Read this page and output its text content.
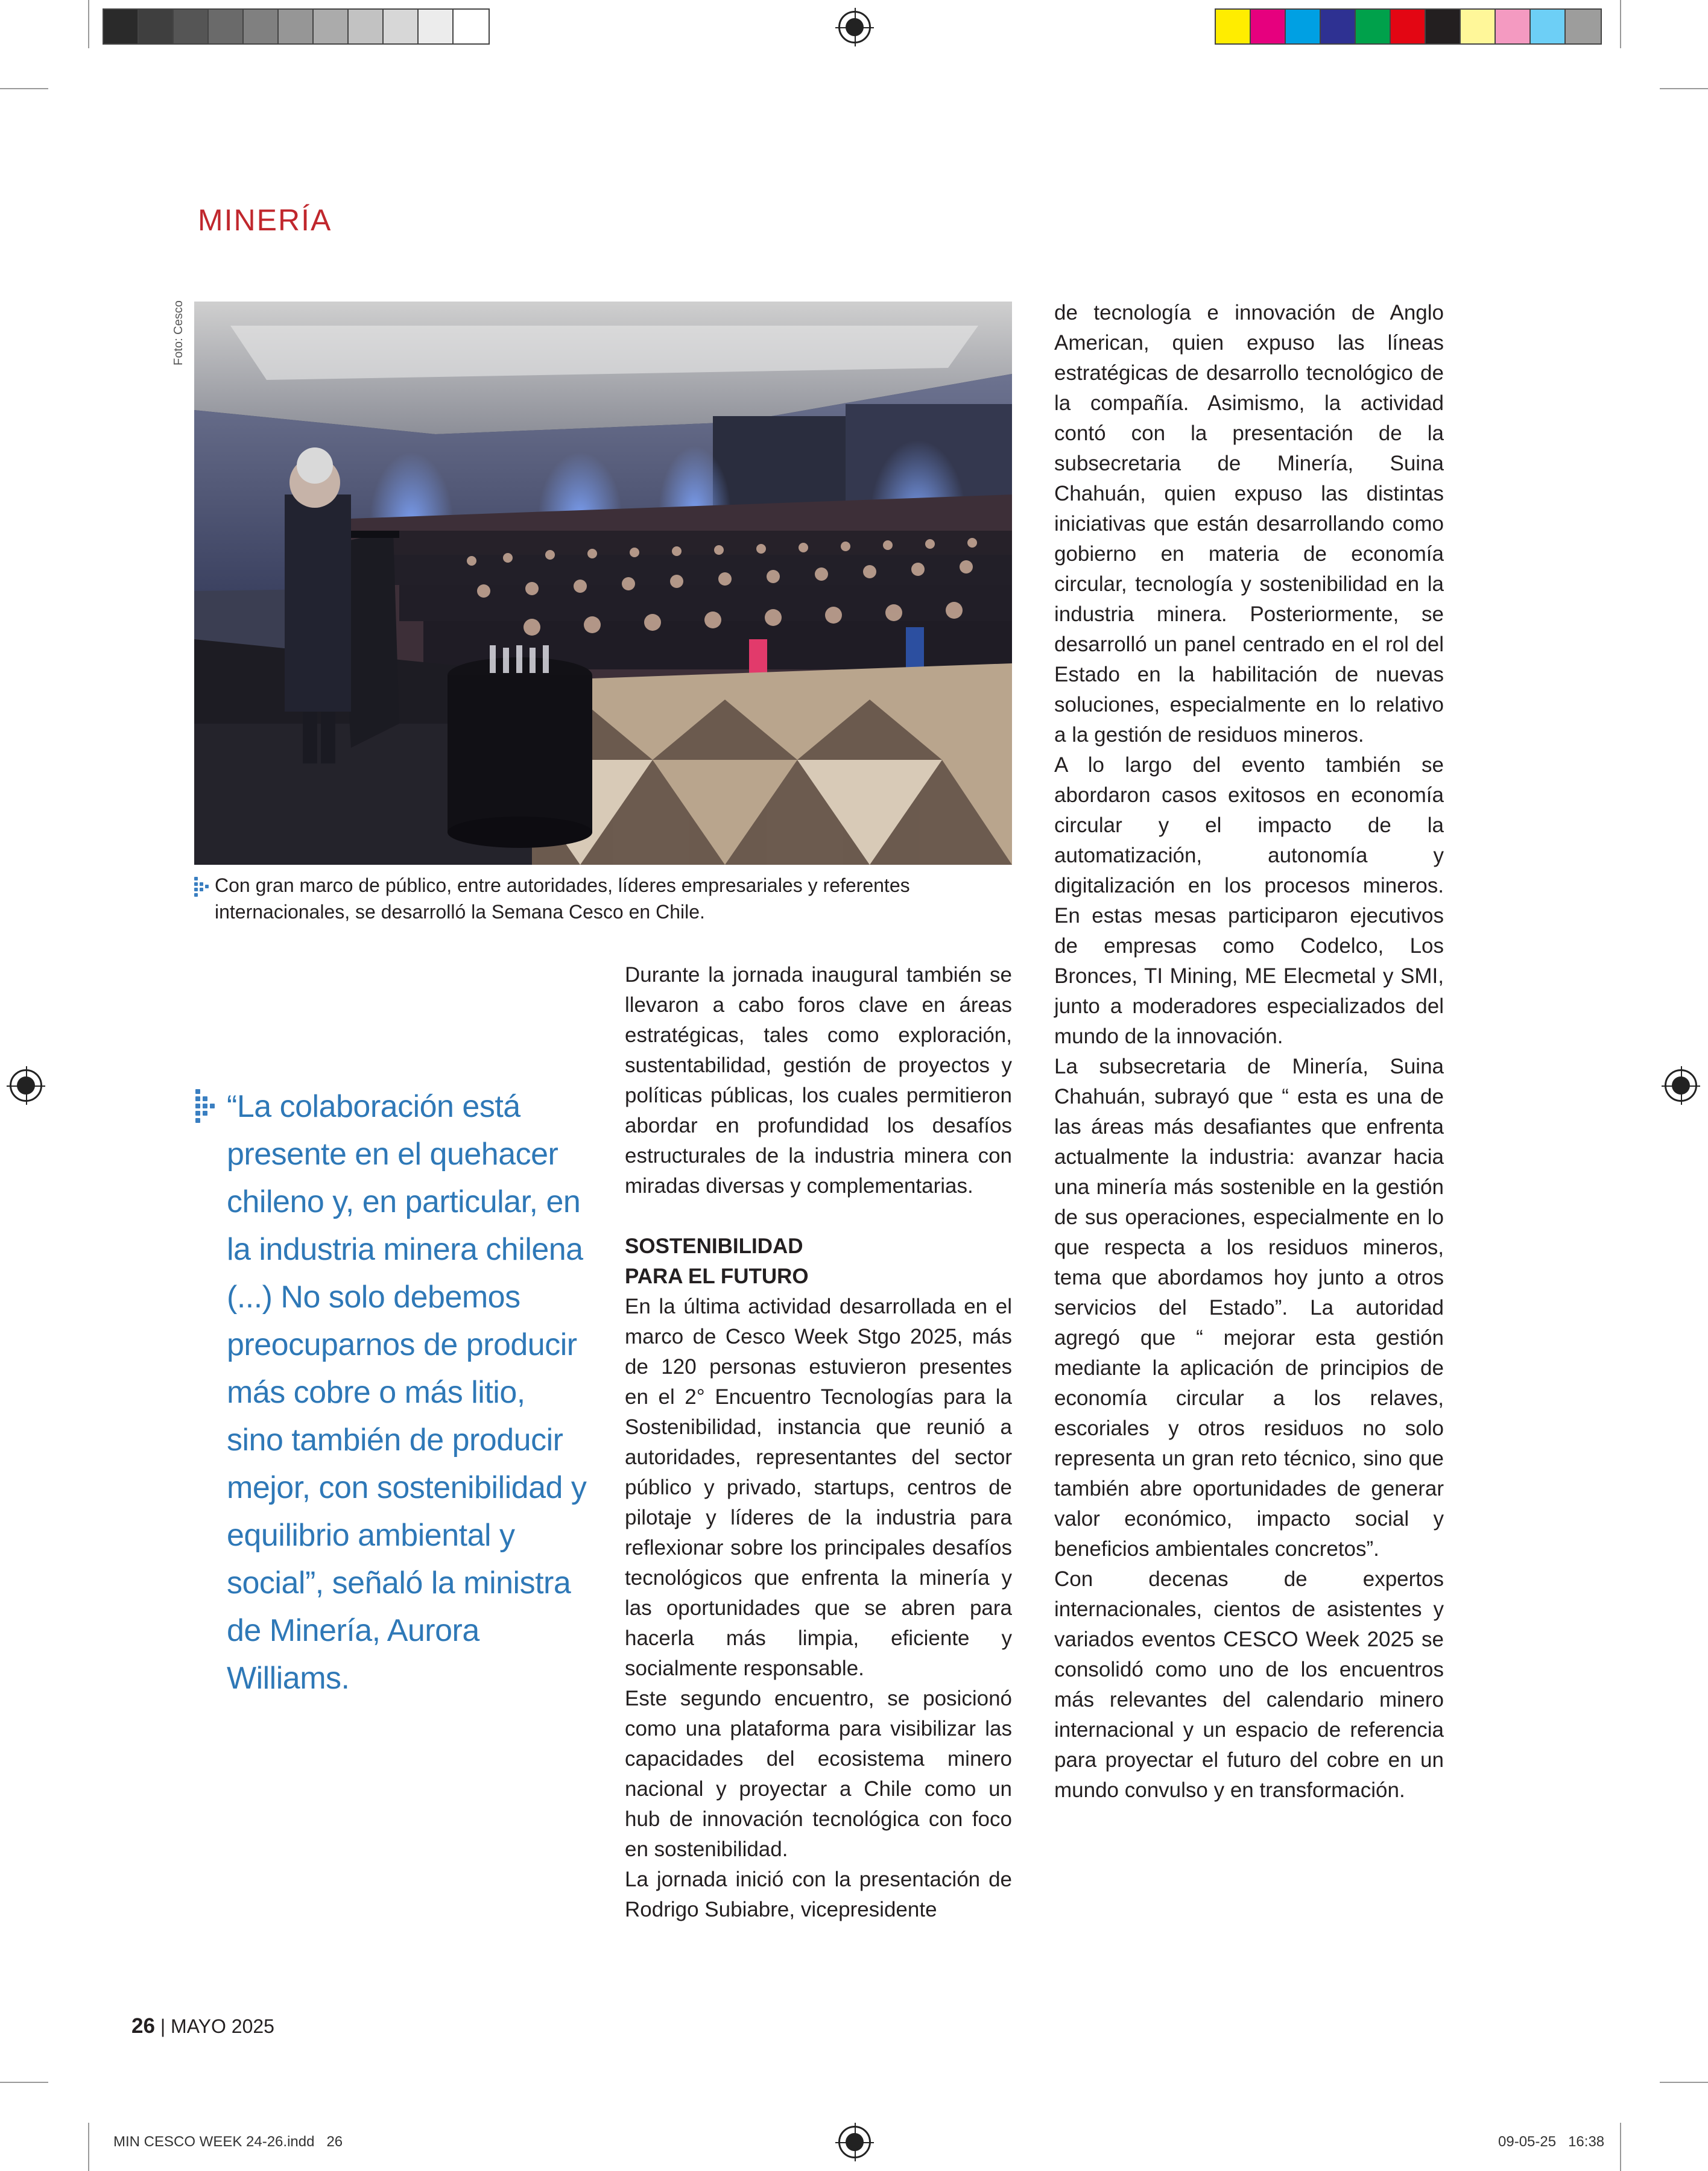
MINERÍA
Foto: Cesco
Con gran marco de público, entre autoridades, líderes empresariales y referentes internacionales, se desarrolló la Semana Cesco en Chile.
“La colaboración está presente en el quehacer chileno y, en particular, en la industria minera chilena (...) No solo debemos preocuparnos de producir más cobre o más litio, sino también de producir mejor, con sostenibilidad y equilibrio ambiental y social”, señaló la ministra de Minería, Aurora Williams.

Durante la jornada inaugural también se llevaron a cabo foros clave en áreas estratégicas, tales como exploración, sustentabilidad, gestión de proyectos y políticas públicas, los cuales permitieron abordar en profundidad los desafíos estructurales de la industria minera con miradas diversas y complementarias.

SOSTENIBILIDAD
PARA EL FUTURO

En la última actividad desarrollada en el marco de Cesco Week Stgo 2025, más de 120 personas estuvieron presentes en el 2° Encuentro Tecnologías para la Sostenibilidad, instancia que reunió a autoridades, representantes del sector público y privado, startups, centros de pilotaje y líderes de la industria para reflexionar sobre los principales desafíos tecnológicos que enfrenta la minería y las oportunidades que se abren para hacerla más limpia, eficiente y socialmente responsable.

Este segundo encuentro, se posicionó como una plataforma para visibilizar las capacidades del ecosistema minero nacional y proyectar a Chile como un hub de innovación tecnológica con foco en sostenibilidad.

La jornada inició con la presentación de Rodrigo Subiabre, vicepresidente

de tecnología e innovación de Anglo American, quien expuso las líneas estratégicas de desarrollo tecnológico de la compañía. Asimismo, la actividad contó con la presentación de la subsecretaria de Minería, Suina Chahuán, quien expuso las distintas iniciativas que están desarrollando como gobierno en materia de economía circular, tecnología y sostenibilidad en la industria minera. Posteriormente, se desarrolló un panel centrado en el rol del Estado en la habilitación de nuevas soluciones, especialmente en lo relativo a la gestión de residuos mineros.

A lo largo del evento también se abordaron casos exitosos en economía circular y el impacto de la automatización, autonomía y digitalización en los procesos mineros. En estas mesas participaron ejecutivos de empresas como Codelco, Los Bronces, TI Mining, ME Elecmetal y SMI, junto a moderadores especializados del mundo de la innovación.

La subsecretaria de Minería, Suina Chahuán, subrayó que “ esta es una de las áreas más desafiantes que enfrenta actualmente la industria: avanzar hacia una minería más sostenible en la gestión de sus operaciones, especialmente en lo que respecta a los residuos mineros, tema que abordamos hoy junto a otros servicios del Estado”. La autoridad agregó que “ mejorar esta gestión mediante la aplicación de principios de economía circular a los relaves, escoriales y otros residuos no solo representa un gran reto técnico, sino que también abre oportunidades de generar valor económico, impacto social y beneficios ambientales concretos”.

Con decenas de expertos internacionales, cientos de asistentes y variados eventos CESCO Week 2025 se consolidó como uno de los encuentros más relevantes del calendario minero internacional y un espacio de referencia para proyectar el futuro del cobre en un mundo convulso y en transformación.

26 | MAYO 2025
MIN CESCO WEEK 24-26.indd   26	09-05-25   16:38
